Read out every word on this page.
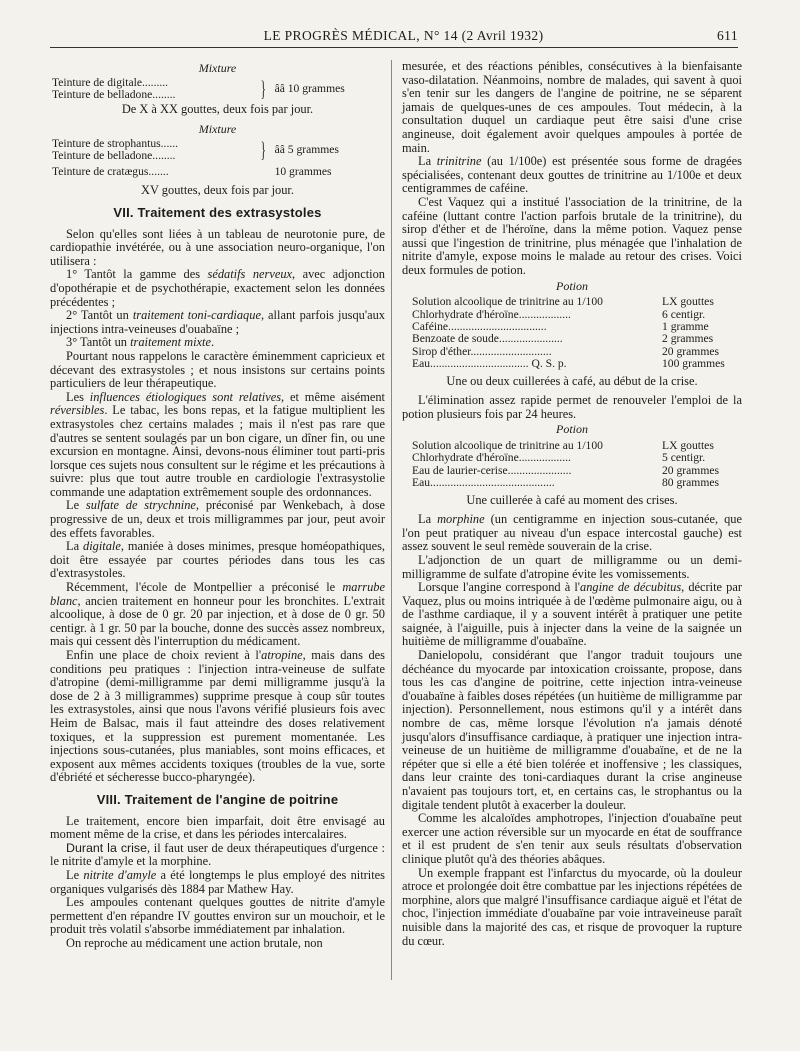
LE PROGRÈS MÉDICAL, N° 14 (2 Avril 1932)	611
Mixture
Teinture de digitale.........
Teinture de belladone........	} ââ 10 grammes

De X à XX gouttes, deux fois par jour.

Mixture
Teinture de strophantus......
Teinture de belladone........	} ââ 5 grammes
Teinture de cratægus.......	10 grammes

XV gouttes, deux fois par jour.

VII. Traitement des extrasystoles

Selon qu'elles sont liées à un tableau de neurotonie pure, de cardiopathie invétérée, ou à une association neuro-organique, l'on utilisera :

1° Tantôt la gamme des sédatifs nerveux, avec adjonction d'opothérapie et de psychothérapie, exactement selon les données précédentes ;

2° Tantôt un traitement toni-cardiaque, allant parfois jusqu'aux injections intra-veineuses d'ouabaïne ;

3° Tantôt un traitement mixte.

Pourtant nous rappelons le caractère éminemment capricieux et décevant des extrasystoles ; et nous insistons sur certains points particuliers de leur thérapeutique.

Les influences étiologiques sont relatives, et même aisément réversibles. Le tabac, les bons repas, et la fatigue multiplient les extrasystoles chez certains malades ; mais il n'est pas rare que d'autres se sentent soulagés par un bon cigare, un dîner fin, ou une excursion en montagne. Ainsi, devons-nous éliminer tout parti-pris lorsque ces sujets nous consultent sur le régime et les précautions à suivre: plus que tout autre trouble en cardiologie l'extrasystolie commande une adaptation extrêmement souple des ordonnances.

Le sulfate de strychnine, préconisé par Wenkebach, à dose progressive de un, deux et trois milligrammes par jour, peut avoir des effets favorables.

La digitale, maniée à doses minimes, presque homéopathiques, doit être essayée par courtes périodes dans tous les cas d'extrasystoles.

Récemment, l'école de Montpellier a préconisé le marrube blanc, ancien traitement en honneur pour les bronchites. L'extrait alcoolique, à dose de 0 gr. 20 par injection, et à dose de 0 gr. 50 centigr. à 1 gr. 50 par la bouche, donne des succès assez nombreux, mais qui cessent dès l'interruption du médicament.

Enfin une place de choix revient à l'atropine, mais dans des conditions peu pratiques : l'injection intra-veineuse de sulfate d'atropine (demi-milligramme par demi milligramme jusqu'à la dose de 2 à 3 milligrammes) supprime presque à coup sûr toutes les extrasystoles, ainsi que nous l'avons vérifié plusieurs fois avec Heim de Balsac, mais il faut atteindre des doses relativement toxiques, et la suppression est purement momentanée. Les injections sous-cutanées, plus maniables, sont moins efficaces, et exposent aux mêmes accidents toxiques (troubles de la vue, sorte d'ébriété et sécheresse bucco-pharyngée).

VIII. Traitement de l'angine de poitrine

Le traitement, encore bien imparfait, doit être envisagé au moment même de la crise, et dans les périodes intercalaires.

Durant la crise, il faut user de deux thérapeutiques d'urgence : le nitrite d'amyle et la morphine.

Le nitrite d'amyle a été longtemps le plus employé des nitrites organiques vulgarisés dès 1884 par Mathew Hay.

Les ampoules contenant quelques gouttes de nitrite d'amyle permettent d'en répandre IV gouttes environ sur un mouchoir, et le produit très volatil s'absorbe immédiatement par inhalation.

On reproche au médicament une action brutale, non

mesurée, et des réactions pénibles, consécutives à la bienfaisante vaso-dilatation. Néanmoins, nombre de malades, qui savent à quoi s'en tenir sur les dangers de l'angine de poitrine, ne se séparent jamais de quelques-unes de ces ampoules. Tout médecin, à la consultation duquel un cardiaque peut être saisi d'une crise angineuse, doit également avoir quelques ampoules à portée de main.

La trinitrine (au 1/100e) est présentée sous forme de dragées spécialisées, contenant deux gouttes de trinitrine au 1/100e et deux centigrammes de caféine.

C'est Vaquez qui a institué l'association de la trinitrine, de la caféine (luttant contre l'action parfois brutale de la trinitrine), du sirop d'éther et de l'héroïne, dans la même potion. Vaquez pense aussi que l'ingestion de trinitrine, plus ménagée que l'inhalation de nitrite d'amyle, expose moins le malade au retour des crises. Voici deux formules de potion.

Potion
Solution alcoolique de trinitrine au 1/100	LX gouttes
Chlorhydrate d'héroïne..................	6 centigr.
Caféine..................................	1 gramme
Benzoate de soude......................	2 grammes
Sirop d'éther............................	20 grammes
Eau.................................. Q. S. p.	100 grammes

Une ou deux cuillerées à café, au début de la crise.

L'élimination assez rapide permet de renouveler l'emploi de la potion plusieurs fois par 24 heures.

Potion
Solution alcoolique de trinitrine au 1/100	LX gouttes
Chlorhydrate d'héroïne..................	5 centigr.
Eau de laurier-cerise......................	20 grammes
Eau...........................................	80 grammes

Une cuillerée à café au moment des crises.

La morphine (un centigramme en injection sous-cutanée, que l'on peut pratiquer au niveau d'un espace intercostal gauche) est assez souvent le seul remède souverain de la crise.

L'adjonction de un quart de milligramme ou un demi-milligramme de sulfate d'atropine évite les vomissements.

Lorsque l'angine correspond à l'angine de décubitus, décrite par Vaquez, plus ou moins intriquée à de l'œdème pulmonaire aigu, ou à de l'asthme cardiaque, il y a souvent intérêt à pratiquer une petite saignée, à l'aiguille, puis à injecter dans la veine de la saignée un huitième de milligramme d'ouabaïne.

Danielopolu, considérant que l'angor traduit toujours une déchéance du myocarde par intoxication croissante, propose, dans tous les cas d'angine de poitrine, cette injection intra-veineuse d'ouabaïne à faibles doses répétées (un huitième de milligramme par injection). Personnellement, nous estimons qu'il y a intérêt dans nombre de cas, même lorsque l'évolution n'a jamais dénoté jusqu'alors d'insuffisance cardiaque, à pratiquer une injection intra-veineuse de un huitième de milligramme d'ouabaïne, et de ne la répéter que si elle a été bien tolérée et inoffensive ; les classiques, dans leur crainte des toni-cardiaques durant la crise angineuse n'avaient pas toujours tort, et, en certains cas, le strophantus ou la digitale tendent plutôt à exacerber la douleur.

Comme les alcaloïdes amphotropes, l'injection d'ouabaïne peut exercer une action réversible sur un myocarde en état de souffrance et il est prudent de s'en tenir aux seuls résultats d'observation clinique plutôt qu'à des théories abâques.

Un exemple frappant est l'infarctus du myocarde, où la douleur atroce et prolongée doit être combattue par les injections répétées de morphine, alors que malgré l'insuffisance cardiaque aiguë et l'état de choc, l'injection immédiate d'ouabaïne par voie intraveineuse paraît nuisible dans la majorité des cas, et risque de provoquer la rupture du cœur.
